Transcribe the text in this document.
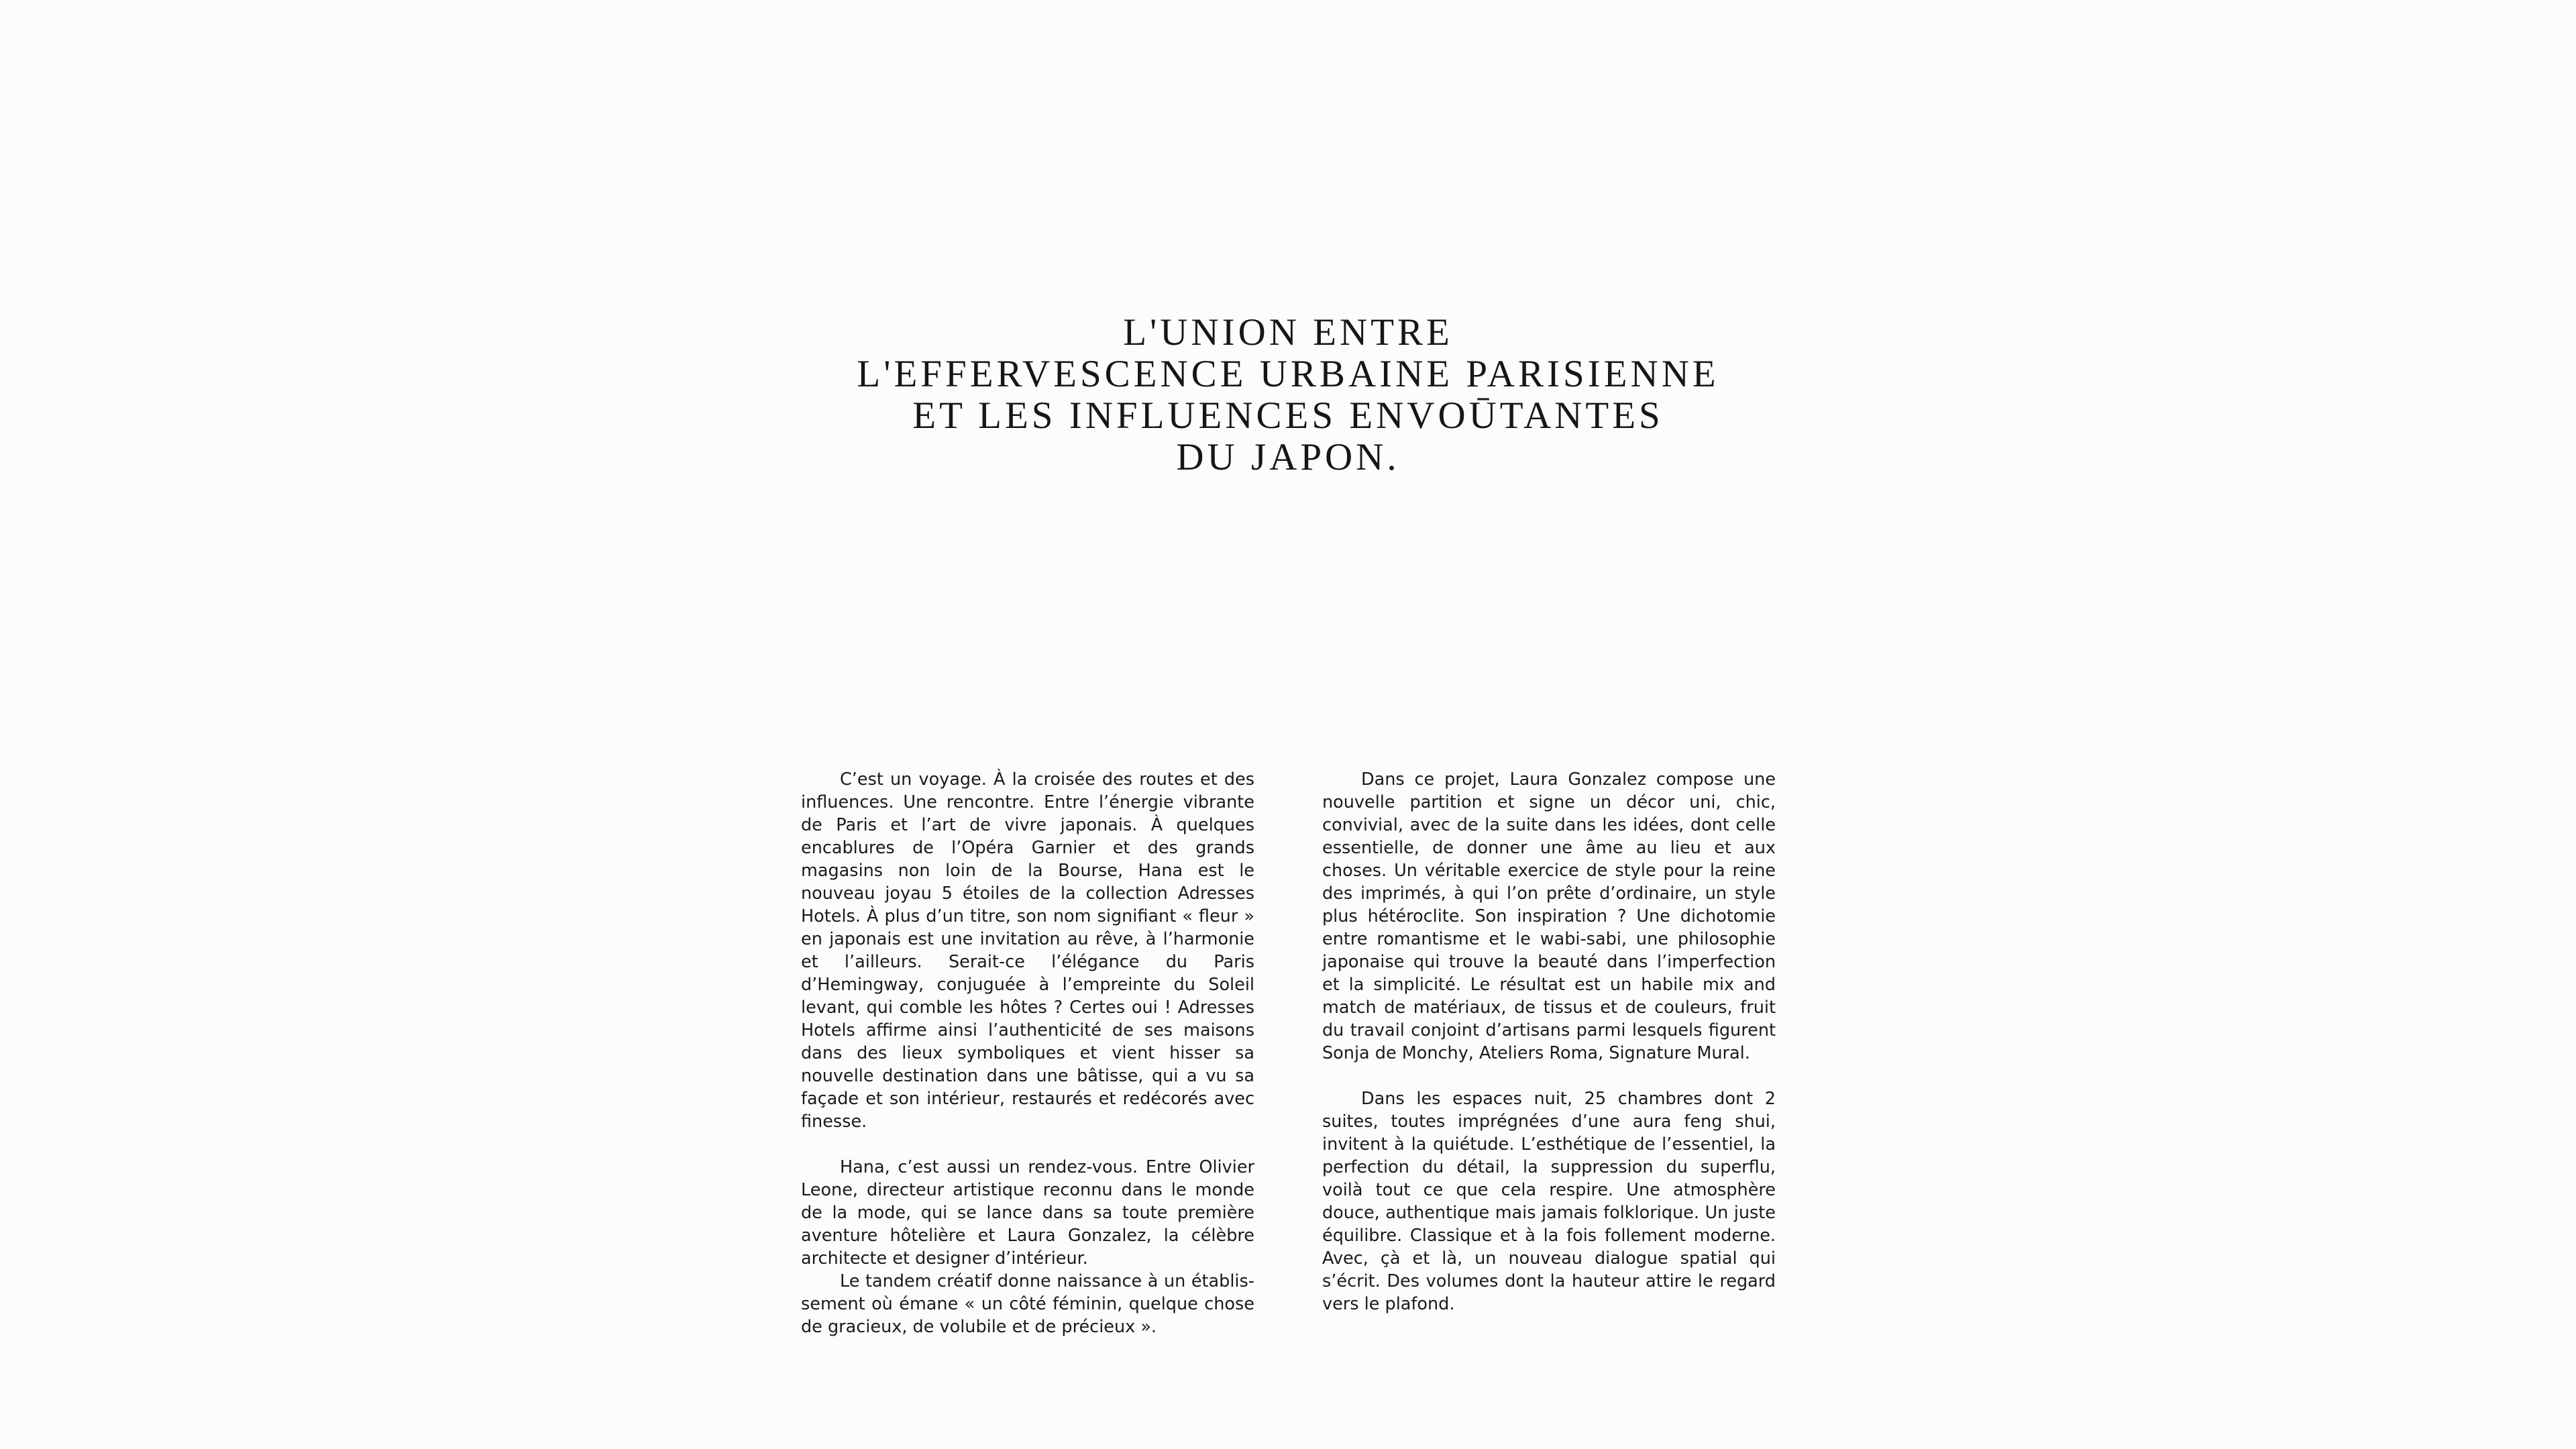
L'UNION ENTRE
L'EFFERVESCENCE URBAINE PARISIENNE
ET LES INFLUENCES ENVOŪTANTES
DU JAPON.

C’est un voyage. À la croisée des routes et des influences. Une rencontre. Entre l’énergie vibrante de Paris et l’art de vivre japonais. À quelques encablures de l’Opéra Garnier et des grands magasins non loin de la Bourse, Hana est le nouveau joyau 5 étoiles de la collection Adresses Hotels. À plus d’un titre, son nom signifiant « fleur » en japonais est une invitation au rêve, à l’harmonie et l’ailleurs. Serait-ce l’élégance du Paris d’Hemingway, conjuguée à l’empreinte du Soleil levant, qui comble les hôtes ? Certes oui ! Adresses Hotels affirme ainsi l’authenticité de ses maisons dans des lieux symboliques et vient hisser sa nouvelle destination dans une bâtisse, qui a vu sa façade et son intérieur, restaurés et redécorés avec finesse.

Hana, c’est aussi un rendez-vous. Entre Olivier Leone, directeur artistique reconnu dans le monde de la mode, qui se lance dans sa toute première aventure hôtelière et Laura Gonzalez, la célèbre architecte et designer d’intérieur.

Le tandem créatif donne naissance à un établissement où émane « un côté féminin, quelque chose de gracieux, de volubile et de précieux ».

Dans ce projet, Laura Gonzalez compose une nouvelle partition et signe un décor uni, chic, convivial, avec de la suite dans les idées, dont celle essentielle, de donner une âme au lieu et aux choses. Un véritable exercice de style pour la reine des imprimés, à qui l’on prête d’ordinaire, un style plus hétéroclite. Son inspiration ? Une dichotomie entre romantisme et le wabi-sabi, une philosophie japonaise qui trouve la beauté dans l’imperfection et la simplicité. Le résultat est un habile mix and match de matériaux, de tissus et de couleurs, fruit du travail conjoint d’artisans parmi lesquels figurent Sonja de Monchy, Ateliers Roma, Signature Mural.

Dans les espaces nuit, 25 chambres dont 2 suites, toutes imprégnées d’une aura feng shui, invitent à la quiétude. L’esthétique de l’essentiel, la perfection du détail, la suppression du superflu, voilà tout ce que cela respire. Une atmosphère douce, authentique mais jamais folklorique. Un juste équilibre. Classique et à la fois follement moderne. Avec, çà et là, un nouveau dialogue spatial qui s’écrit. Des volumes dont la hauteur attire le regard vers le plafond.
